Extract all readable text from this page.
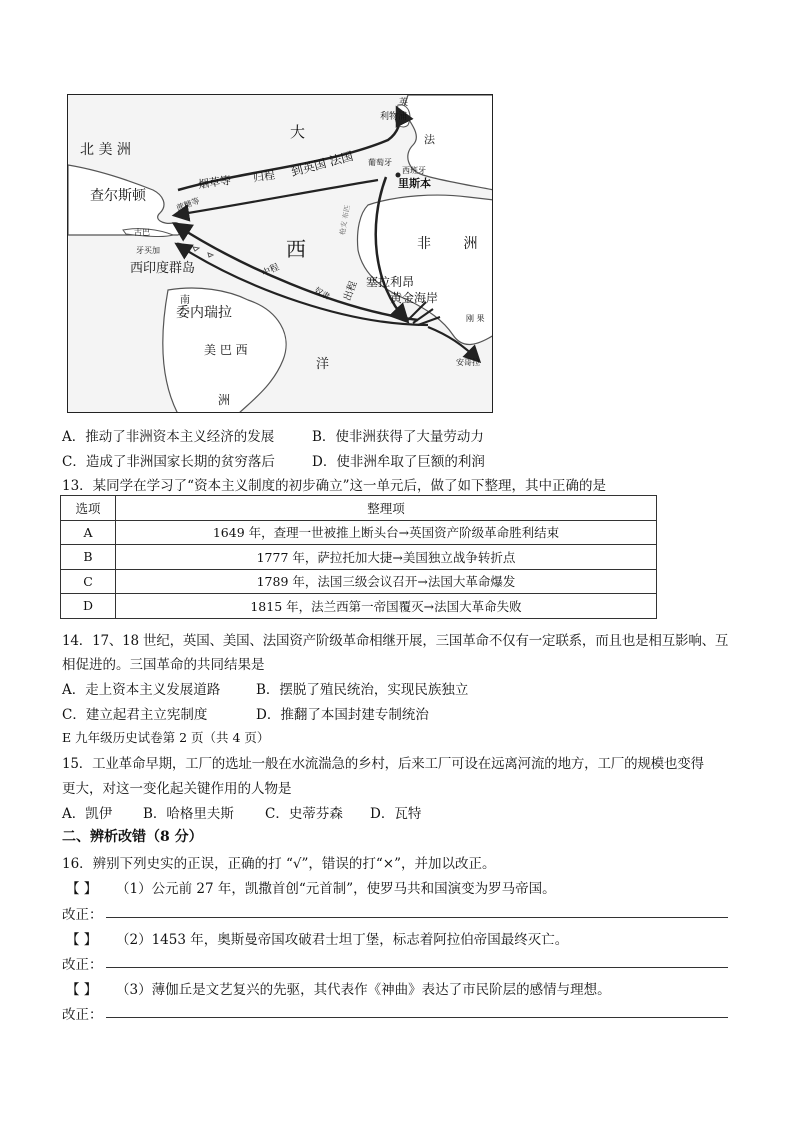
北 美 洲
大
查尔斯顿
烟草等 归程 到英国 法国
利物浦
英
法
葡萄牙
西班牙
里斯本
蔗糖等
古巴
牙买加
西印度群岛
西
中程
奴隶	出程
枪支 布匹
非 洲
塞拉利昂
黄金海岸
南
委内瑞拉
美 巴 西
洋
洲
刚 果
安哥拉
A．推动了非洲资本主义经济的发展	B．使非洲获得了大量劳动力
C．造成了非洲国家长期的贫穷落后	D．使非洲牟取了巨额的利润
13．某同学在学习了“资本主义制度的初步确立”这一单元后，做了如下整理，其中正确的是
选项	整理项
A	1649 年，查理一世被推上断头台→英国资产阶级革命胜利结束
B	1777 年，萨拉托加大捷→美国独立战争转折点
C	1789 年，法国三级会议召开→法国大革命爆发
D	1815 年，法兰西第一帝国覆灭→法国大革命失败
14．17、18 世纪，英国、美国、法国资产阶级革命相继开展，三国革命不仅有一定联系，而且也是相互影响、互
相促进的。三国革命的共同结果是
A．走上资本主义发展道路	B．摆脱了殖民统治，实现民族独立
C．建立起君主立宪制度	D．推翻了本国封建专制统治
E 九年级历史试卷第 2 页（共 4 页）
15．工业革命早期，工厂的选址一般在水流湍急的乡村，后来工厂可设在远离河流的地方，工厂的规模也变得
更大，对这一变化起关键作用的人物是
A．凯伊 B．哈格里夫斯 C．史蒂芬森 D．瓦特
二、辨析改错（8 分）
16．辨别下列史实的正误，正确的打 “√”，错误的打“×”，并加以改正。
【 】 （1）公元前 27 年，凯撒首创“元首制”，使罗马共和国演变为罗马帝国。
改正：
【 】 （2）1453 年，奥斯曼帝国攻破君士坦丁堡，标志着阿拉伯帝国最终灭亡。
改正：
【 】 （3）薄伽丘是文艺复兴的先驱，其代表作《神曲》表达了市民阶层的感情与理想。
改正：
